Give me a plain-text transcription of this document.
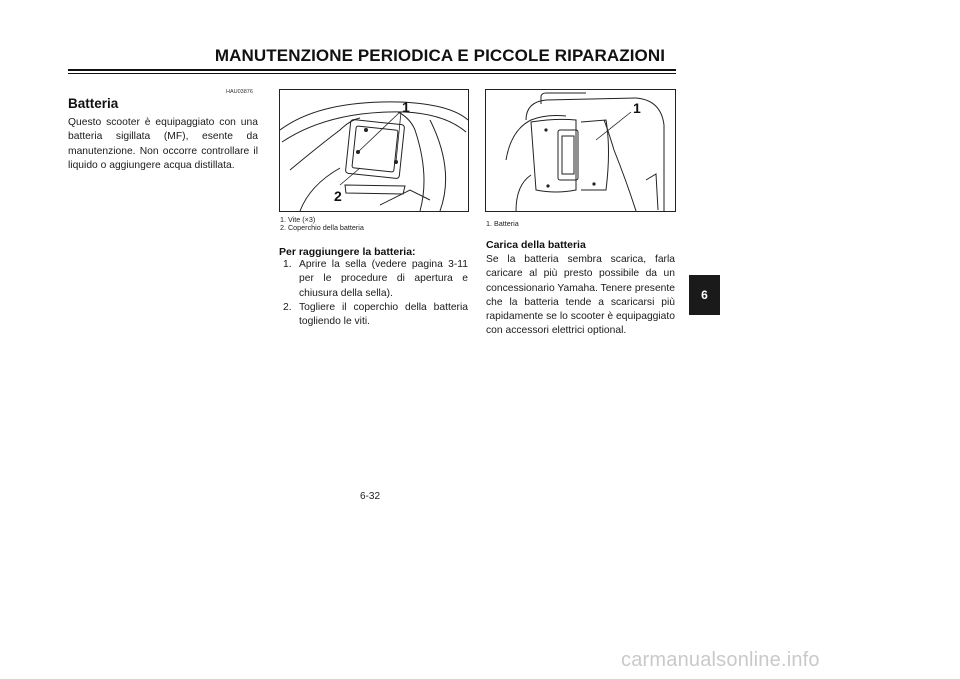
MANUTENZIONE PERIODICA E PICCOLE RIPARAZIONI
HAU03876
Batteria
Questo scooter è equipaggiato con una batteria sigillata (MF), esente da manutenzione. Non occorre controllare il liquido o aggiungere acqua distillata.
1
2
1. Vite (×3)
2. Coperchio della batteria
Per raggiungere la batteria:
1. Aprire la sella (vedere pagina 3-11 per le procedure di apertura e chiusura della sella).
2. Togliere il coperchio della batteria togliendo le viti.
1
1. Batteria
Carica della batteria
Se la batteria sembra scarica, farla caricare al più presto possibile da un concessionario Yamaha. Tenere presente che la batteria tende a scaricarsi più rapidamente se lo scooter è equipaggiato con accessori elettrici optional.
6-32
6
carmanualsonline.info
